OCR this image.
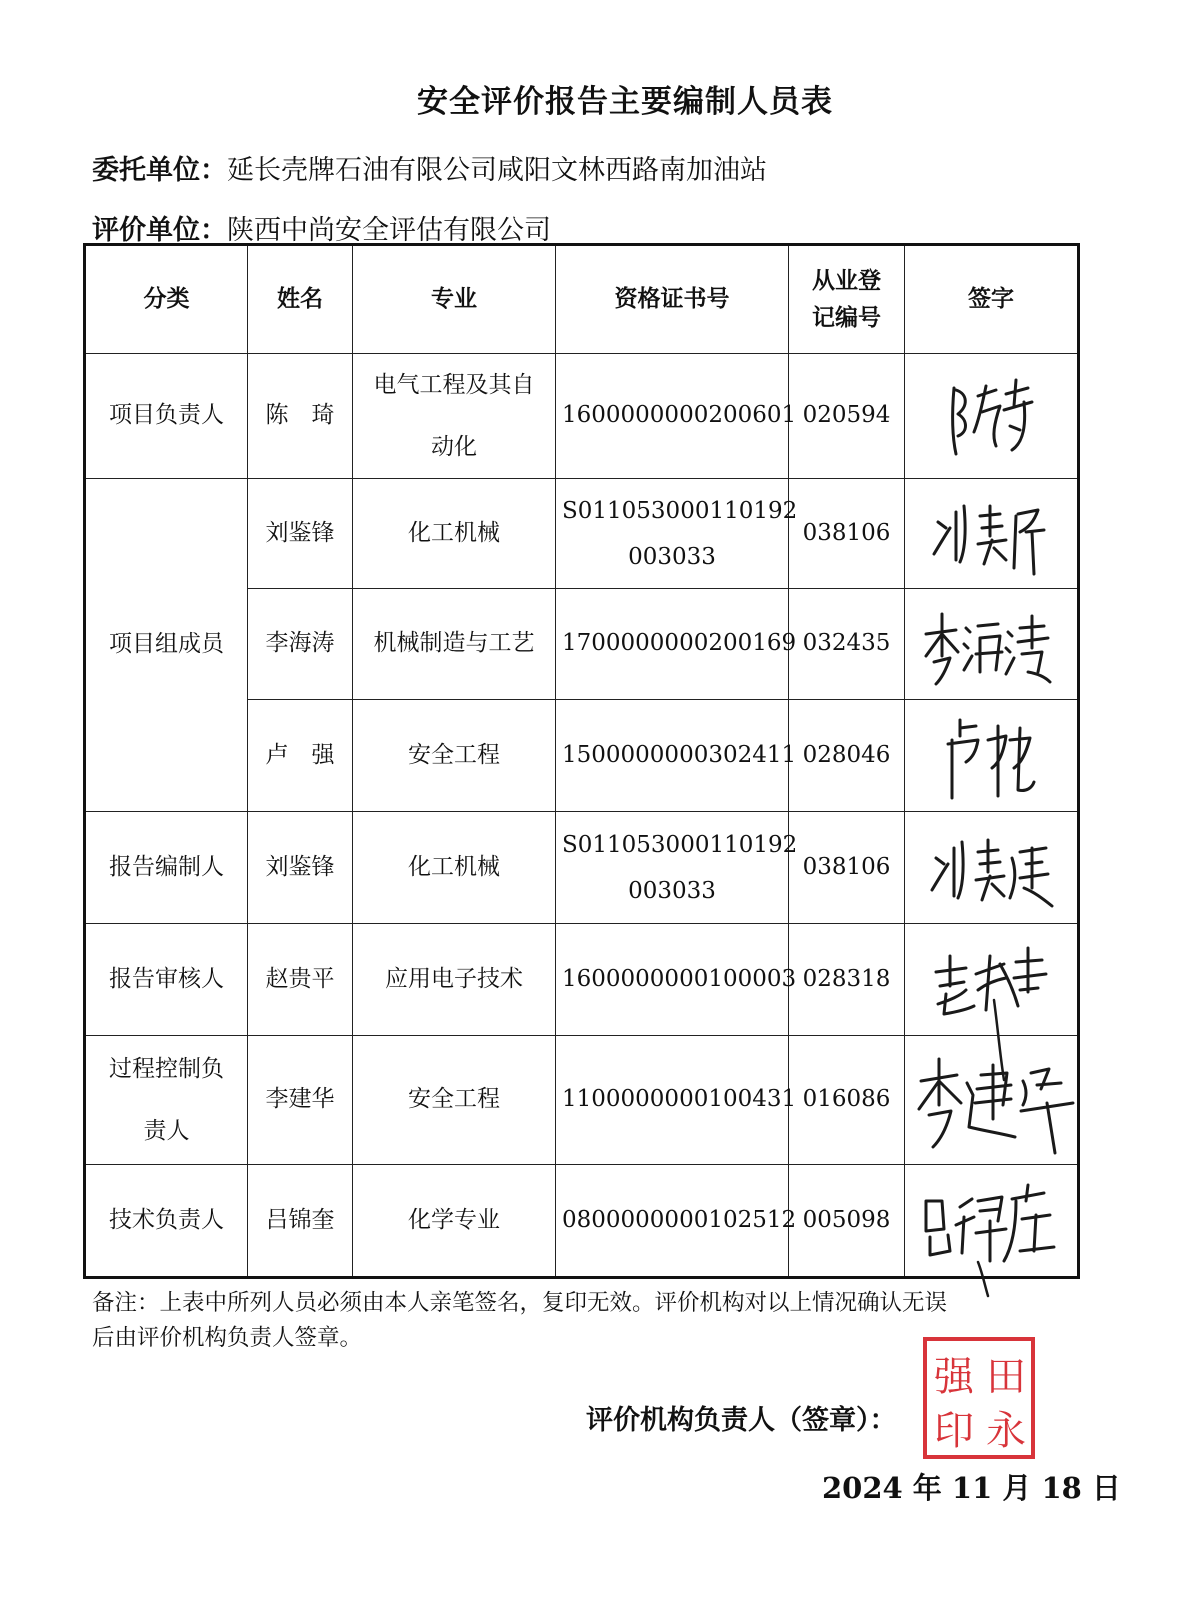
安全评价报告主要编制人员表
委托单位：延长壳牌石油有限公司咸阳文林西路南加油站
评价单位：陕西中尚安全评估有限公司
分类	姓名	专业	资格证书号	从业登
记编号	签字
项目负责人	陈　琦	电气工程及其自
动化	1600000000200601	020594	

项目组成员	刘鉴锋	化工机械	S011053000110192
003033	038106	

	李海涛	机械制造与工艺	1700000000200169	032435	

	卢　强	安全工程	1500000000302411	028046	

报告编制人	刘鉴锋	化工机械	S011053000110192
003033	038106	

报告审核人	赵贵平	应用电子技术	1600000000100003	028318	

过程控制负
责人	李建华	安全工程	1100000000100431	016086	

技术负责人	吕锦奎	化学专业	0800000000102512	005098	
备注：上表中所列人员必须由本人亲笔签名，复印无效。评价机构对以上情况确认无误
后由评价机构负责人签章。
评价机构负责人（签章）：
田
强
永
印
2024 年 11 月 18 日
